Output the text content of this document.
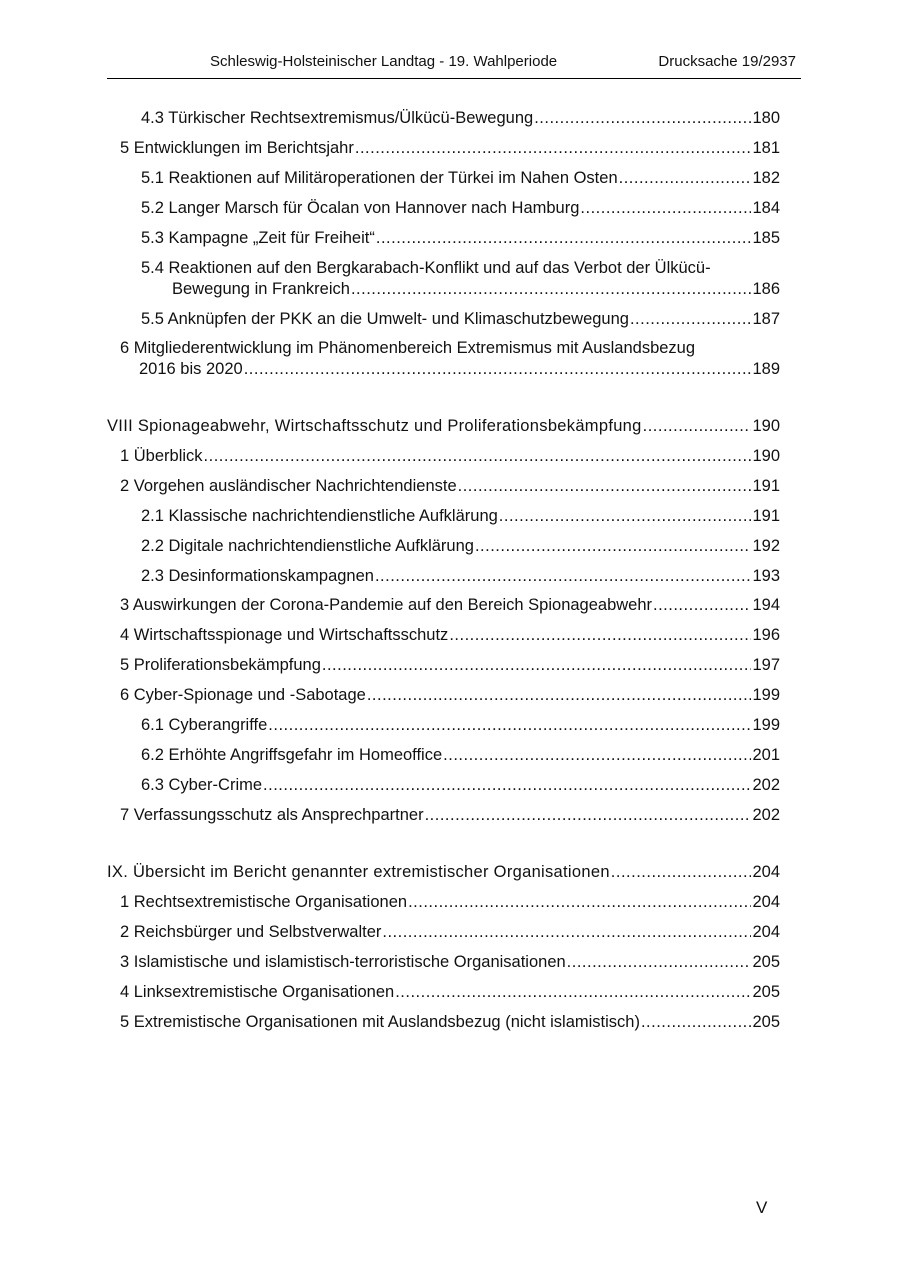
Schleswig-Holsteinischer Landtag - 19. Wahlperiode	Drucksache 19/2937
4.3 Türkischer Rechtsextremismus/Ülkücü-Bewegung .....	180
5 Entwicklungen im Berichtsjahr .....	181
5.1 Reaktionen auf Militäroperationen der Türkei im Nahen Osten .....	182
5.2 Langer Marsch für Öcalan von Hannover nach Hamburg .....	184
5.3 Kampagne „Zeit für Freiheit“ .....	185
5.4 Reaktionen auf den Bergkarabach-Konflikt und auf das Verbot der Ülkücü-
Bewegung in Frankreich .....	186
5.5 Anknüpfen der PKK an die Umwelt- und Klimaschutzbewegung .....	187
6 Mitgliederentwicklung im Phänomenbereich Extremismus mit Auslandsbezug
2016 bis 2020 .....	189
VIII Spionageabwehr, Wirtschaftsschutz und Proliferationsbekämpfung .....	190
1 Überblick .....	190
2 Vorgehen ausländischer Nachrichtendienste .....	191
2.1 Klassische nachrichtendienstliche Aufklärung .....	191
2.2 Digitale nachrichtendienstliche Aufklärung .....	192
2.3 Desinformationskampagnen .....	193
3 Auswirkungen der Corona-Pandemie auf den Bereich Spionageabwehr .....	194
4 Wirtschaftsspionage und Wirtschaftsschutz .....	196
5 Proliferationsbekämpfung .....	197
6 Cyber-Spionage und -Sabotage .....	199
6.1 Cyberangriffe .....	199
6.2 Erhöhte Angriffsgefahr im Homeoffice .....	201
6.3 Cyber-Crime .....	202
7 Verfassungsschutz als Ansprechpartner .....	202
IX. Übersicht im Bericht genannter extremistischer Organisationen .....	204
1 Rechtsextremistische Organisationen .....	204
2 Reichsbürger und Selbstverwalter .....	204
3 Islamistische und islamistisch-terroristische Organisationen .....	205
4 Linksextremistische Organisationen .....	205
5 Extremistische Organisationen mit Auslandsbezug (nicht islamistisch) .....	205
V
